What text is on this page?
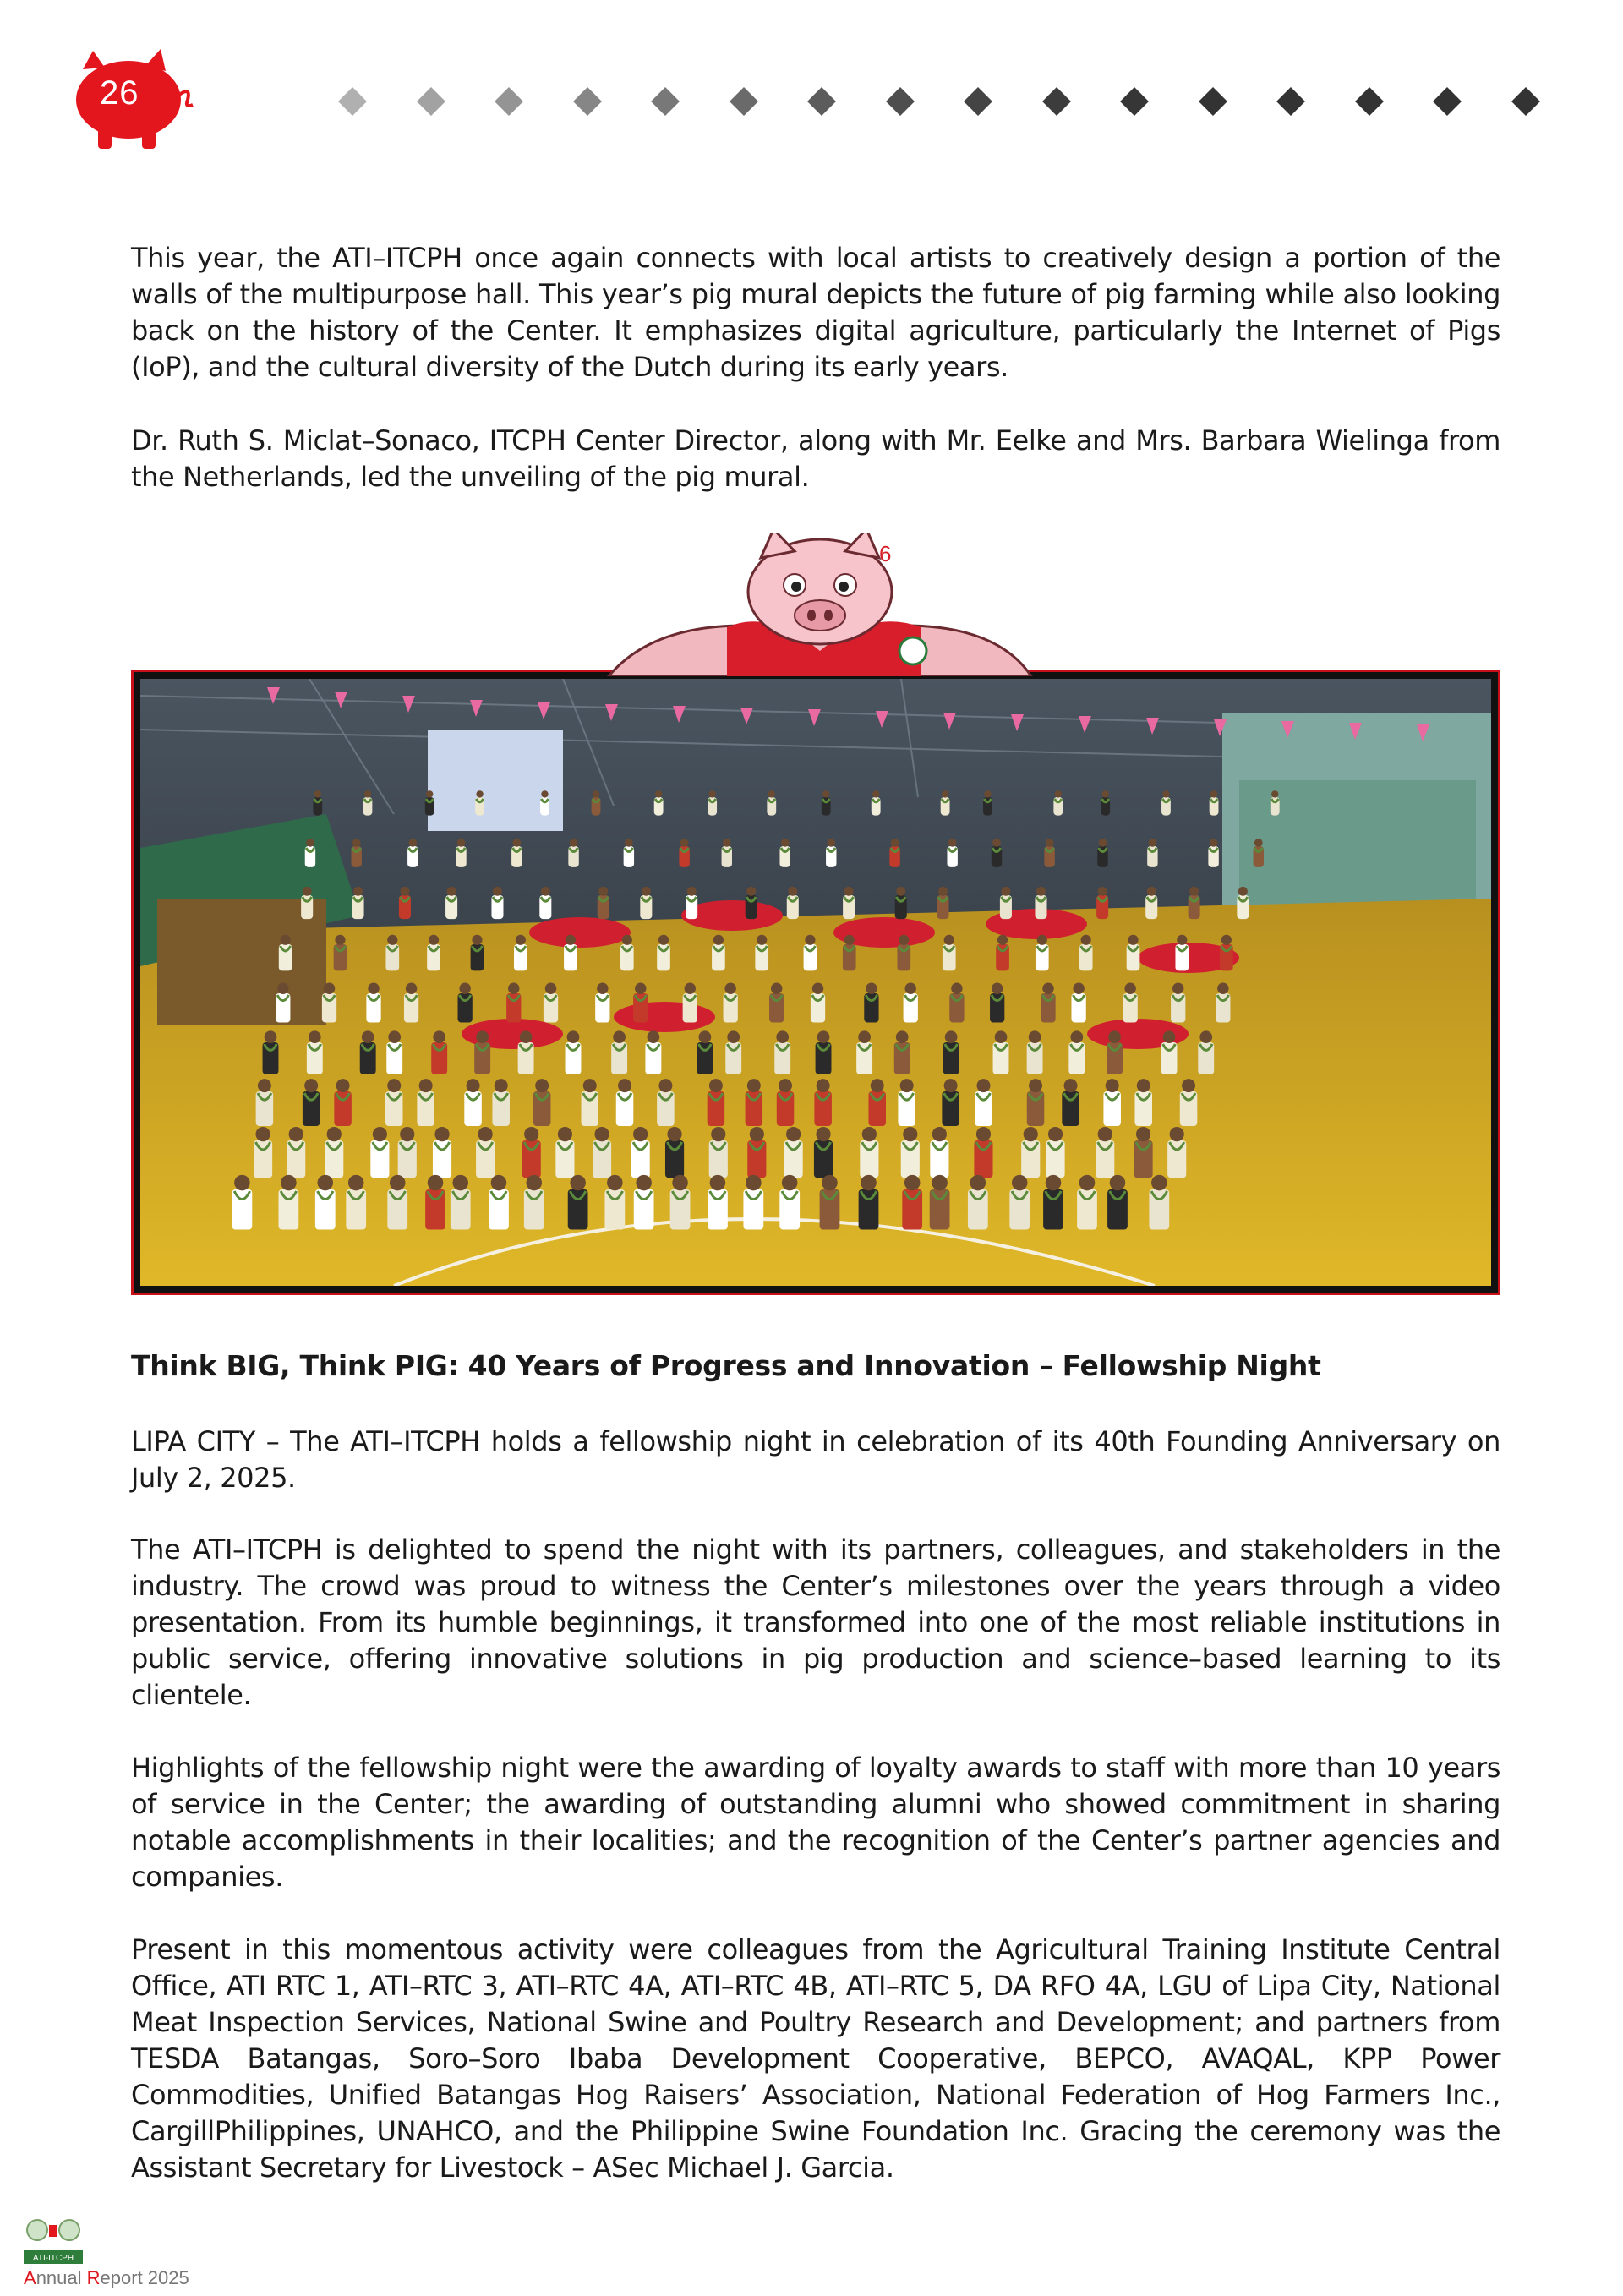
26

This year, the ATI–ITCPH once again connects with local artists to creatively design a portion of the walls of the multipurpose hall. This year’s pig mural depicts the future of pig farming while also looking back on the history of the Center. It emphasizes digital agriculture, particularly the Internet of Pigs (IoP), and the cultural diversity of the Dutch during its early years.

Dr. Ruth S. Miclat–Sonaco, ITCPH Center Director, along with Mr. Eelke and Mrs. Barbara Wielinga from the Netherlands, led the unveiling of the pig mural.

6
Think BIG, Think PIG: 40 Years of Progress and Innovation – Fellowship Night

LIPA CITY – The ATI–ITCPH holds a fellowship night in celebration of its 40th Founding Anniversary on July 2, 2025.

The ATI–ITCPH is delighted to spend the night with its partners, colleagues, and stakeholders in the industry. The crowd was proud to witness the Center’s milestones over the years through a video presentation. From its humble beginnings, it transformed into one of the most reliable institutions in public service, offering innovative solutions in pig production and science–based learning to its clientele.

Highlights of the fellowship night were the awarding of loyalty awards to staff with more than 10 years of service in the Center; the awarding of outstanding alumni who showed commitment in sharing notable accomplishments in their localities; and the recognition of the Center’s partner agencies and companies.

Present in this momentous activity were colleagues from the Agricultural Training Institute Central Office, ATI RTC 1, ATI–RTC 3, ATI–RTC 4A, ATI–RTC 4B, ATI–RTC 5, DA RFO 4A, LGU of Lipa City, National Meat Inspection Services, National Swine and Poultry Research and Development; and partners from TESDA Batangas, Soro–Soro Ibaba Development Cooperative, BEPCO, AVAQAL, KPP Power Commodities, Unified Batangas Hog Raisers’ Association, National Federation of Hog Farmers Inc., CargillPhilippines, UNAHCO, and the Philippine Swine Foundation Inc. Gracing the ceremony was the Assistant Secretary for Livestock – ASec Michael J. Garcia.

ATI-ITCPH
Annual Report 2025
